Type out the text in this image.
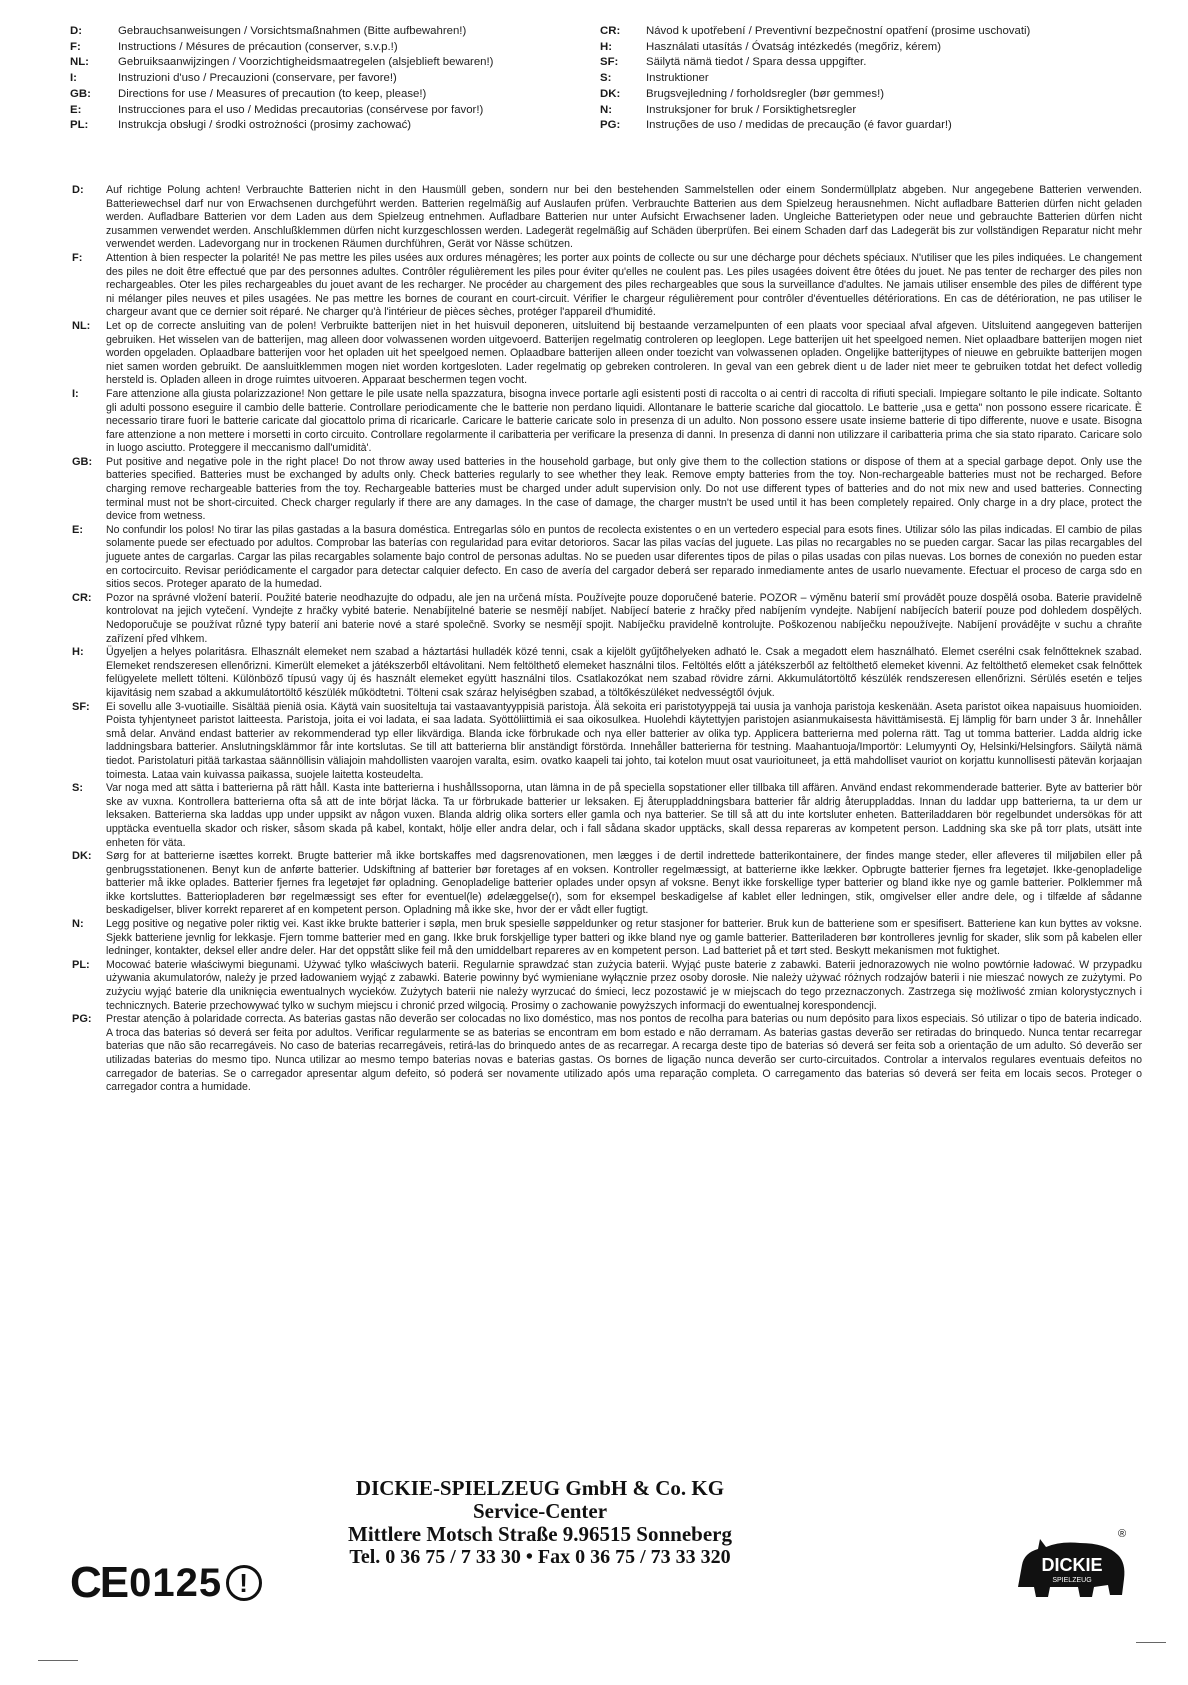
D:	Gebrauchsanweisungen / Vorsichtsmaßnahmen (Bitte aufbewahren!)
F:	Instructions / Mésures de précaution (conserver, s.v.p.!)
NL:	Gebruiksaanwijzingen / Voorzichtigheidsmaatregelen (alsjeblieft bewaren!)
I:	Instruzioni d'uso / Precauzioni (conservare, per favore!)
GB:	Directions for use / Measures of precaution (to keep, please!)
E:	Instrucciones para el uso / Medidas precautorias (consérvese por favor!)
PL:	Instrukcja obsługi / środki ostrożności (prosimy zachować)
CR:	Návod k upotřebení / Preventivní bezpečnostní opatření (prosime uschovati)
H:	Használati utasítás / Óvatság intézkedés (megőriz, kérem)
SF:	Säilytä nämä tiedot / Spara dessa uppgifter.
S:	Instruktioner
DK:	Brugsvejledning / forholdsregler (bør gemmes!)
N:	Instruksjoner for bruk / Forsiktighetsregler
PG:	Instruções de uso / medidas de precaução (é favor guardar!)
D:	Auf richtige Polung achten! Verbrauchte Batterien nicht in den Hausmüll geben, sondern nur bei den bestehenden Sammelstellen oder einem Sondermüllplatz abgeben. Nur angegebene Batterien verwenden. Batteriewechsel darf nur von Erwachsenen durchgeführt werden. Batterien regelmäßig auf Auslaufen prüfen. Verbrauchte Batterien aus dem Spielzeug herausnehmen. Nicht aufladbare Batterien dürfen nicht geladen werden. Aufladbare Batterien vor dem Laden aus dem Spielzeug entnehmen. Aufladbare Batterien nur unter Aufsicht Erwachsener laden. Ungleiche Batterietypen oder neue und gebrauchte Batterien dürfen nicht zusammen verwendet werden. Anschlußklemmen dürfen nicht kurzgeschlossen werden. Ladegerät regelmäßig auf Schäden überprüfen. Bei einem Schaden darf das Ladegerät bis zur vollständigen Reparatur nicht mehr verwendet werden. Ladevorgang nur in trockenen Räumen durchführen, Gerät vor Nässe schützen.
F:	Attention à bien respecter la polarité! Ne pas mettre les piles usées aux ordures ménagères; les porter aux points de collecte ou sur une décharge pour déchets spéciaux. N'utiliser que les piles indiquées. Le changement des piles ne doit être effectué que par des personnes adultes. Contrôler régulièrement les piles pour éviter qu'elles ne coulent pas. Les piles usagées doivent être ôtées du jouet. Ne pas tenter de recharger des piles non rechargeables. Oter les piles rechargeables du jouet avant de les recharger. Ne procéder au chargement des piles rechargeables que sous la surveillance d'adultes. Ne jamais utiliser ensemble des piles de différent type ni mélanger piles neuves et piles usagées. Ne pas mettre les bornes de courant en court-circuit. Vérifier le chargeur régulièrement pour contrôler d'éventuelles détériorations. En cas de détérioration, ne pas utiliser le chargeur avant que ce dernier soit réparé. Ne charger qu'à l'intérieur de pièces sèches, protéger l'appareil d'humidité.
NL:	Let op de correcte ansluiting van de polen! Verbruikte batterijen niet in het huisvuil deponeren, uitsluitend bij bestaande verzamelpunten of een plaats voor speciaal afval afgeven. Uitsluitend aangegeven batterijen gebruiken. Het wisselen van de batterijen, mag alleen door volwassenen worden uitgevoerd. Batterijen regelmatig controleren op leeglopen. Lege batterijen uit het speelgoed nemen. Niet oplaadbare batterijen mogen niet worden opgeladen. Oplaadbare batterijen voor het opladen uit het speelgoed nemen. Oplaadbare batterijen alleen onder toezicht van volwassenen opladen. Ongelijke batterijtypes of nieuwe en gebruikte batterijen mogen niet samen worden gebruikt. De aansluitklemmen mogen niet worden kortgesloten. Lader regelmatig op gebreken controleren. In geval van een gebrek dient u de lader niet meer te gebruiken totdat het defect volledig hersteld is. Opladen alleen in droge ruimtes uitvoeren. Apparaat beschermen tegen vocht.
I:	Fare attenzione alla giusta polarizzazione! Non gettare le pile usate nella spazzatura, bisogna invece portarle agli esistenti posti di raccolta o ai centri di raccolta di rifiuti speciali. Impiegare soltanto le pile indicate. Soltanto gli adulti possono eseguire il cambio delle batterie. Controllare periodicamente che le batterie non perdano liquidi. Allontanare le batterie scariche dal giocattolo. Le batterie „usa e getta" non possono essere ricaricate. È necessario tirare fuori le batterie caricate dal giocattolo prima di ricaricarle. Caricare le batterie caricate solo in presenza di un adulto. Non possono essere usate insieme batterie di tipo differente, nuove e usate. Bisogna fare attenzione a non mettere i morsetti in corto circuito. Controllare regolarmente il caribatteria per verificare la presenza di danni. In presenza di danni non utilizzare il caribatteria prima che sia stato riparato. Caricare solo in luogo asciutto. Proteggere il meccanismo dall'umidità'.
GB:	Put positive and negative pole in the right place! Do not throw away used batteries in the household garbage, but only give them to the collection stations or dispose of them at a special garbage depot. Only use the batteries specified. Batteries must be exchanged by adults only. Check batteries regularly to see whether they leak. Remove empty batteries from the toy. Non-rechargeable batteries must not be recharged. Before charging remove rechargeable batteries from the toy. Rechargeable batteries must be charged under adult supervision only. Do not use different types of batteries and do not mix new and used batteries. Connecting terminal must not be short-circuited. Check charger regularly if there are any damages. In the case of damage, the charger mustn't be used until it has been completely repaired. Only charge in a dry place, protect the device from wetness.
E:	No confundir los polos! No tirar las pilas gastadas a la basura doméstica. Entregarlas sólo en puntos de recolecta existentes o en un vertedero especial para esots fines. Utilizar sólo las pilas indicadas. El cambio de pilas solamente puede ser efectuado por adultos. Comprobar las baterías con regularidad para evitar detorioros. Sacar las pilas vacías del juguete. Las pilas no recargables no se pueden cargar. Sacar las pilas recargables del juguete antes de cargarlas. Cargar las pilas recargables solamente bajo control de personas adultas. No se pueden usar diferentes tipos de pilas o pilas usadas con pilas nuevas. Los bornes de conexión no pueden estar en cortocircuito. Revisar periódicamente el cargador para detectar calquier defecto. En caso de avería del cargador deberá ser reparado inmediamente antes de usarlo nuevamente. Efectuar el proceso de carga sdo en sitios secos. Proteger aparato de la humedad.
CR:	Pozor na správné vložení baterií. Použité baterie neodhazujte do odpadu, ale jen na určená místa. Používejte pouze doporučené baterie. POZOR – výměnu baterií smí provádět pouze dospělá osoba. Baterie pravidelně kontrolovat na jejich vytečení. Vyndejte z hračky vybité baterie. Nenabíjitelné baterie se nesmějí nabíjet. Nabíjecí baterie z hračky před nabíjením vyndejte. Nabíjení nabíjecích baterií pouze pod dohledem dospělých. Nedoporučuje se používat různé typy baterií ani baterie nové a staré společně. Svorky se nesmějí spojit. Nabíječku pravidelně kontrolujte. Poškozenou nabíječku nepoužívejte. Nabíjení provádějte v suchu a chraňte zařízení před vlhkem.
H:	Ügyeljen a helyes polaritásra. Elhasznált elemeket nem szabad a háztartási hulladék közé tenni, csak a kijelölt gyűjtőhelyeken adható le. Csak a megadott elem használható. Elemet cserélni csak felnőtteknek szabad. Elemeket rendszeresen ellenőrizni. Kimerült elemeket a játékszerből eltávolitani. Nem feltölthető elemeket használni tilos. Feltöltés előtt a játékszerből az feltölthető elemeket kivenni. Az feltölthető elemeket csak felnőttek felügyelete mellett tölteni. Különböző típusú vagy új és használt elemeket együtt használni tilos. Csatlakozókat nem szabad rövidre zárni. Akkumulátortöltő készülék rendszeresen ellenőrizni. Sérülés esetén e teljes kijavitásig nem szabad a akkumulátortöltő készülék működtetni. Tölteni csak száraz helyiségben szabad, a töltőkészüléket nedvességtől óvjuk.
SF:	Ei sovellu alle 3-vuotiaille. Sisältää pieniä osia. Käytä vain suositeltuja tai vastaavantyyppisiä paristoja. Älä sekoita eri paristotyyppejä tai uusia ja vanhoja paristoja keskenään. Aseta paristot oikea napaisuus huomioiden. Poista tyhjentyneet paristot laitteesta. Paristoja, joita ei voi ladata, ei saa ladata. Syöttöliittimiä ei saa oikosulkea. Huolehdi käytettyjen paristojen asianmukaisesta hävittämisestä. Ej lämplig för barn under 3 år. Innehåller små delar. Använd endast batterier av rekommenderad typ eller likvärdiga. Blanda icke förbrukade och nya eller batterier av olika typ. Applicera batterierna med polerna rätt. Tag ut tomma batterier. Ladda aldrig icke laddningsbara batterier. Anslutningsklämmor får inte kortslutas. Se till att batterierna blir anständigt förstörda. Innehåller batterierna för testning. Maahantuoja/Importör: Lelumyynti Oy, Helsinki/Helsingfors. Säilytä nämä tiedot. Paristolaturi pitää tarkastaa säännöllisin väliajoin mahdollisten vaarojen varalta, esim. ovatko kaapeli tai johto, tai kotelon muut osat vaurioituneet, ja että mahdolliset vauriot on korjattu kunnollisesti pätevän korjaajan toimesta. Lataa vain kuivassa paikassa, suojele laitetta kosteudelta.
S:	Var noga med att sätta i batterierna på rätt håll. Kasta inte batterierna i hushållssoporna, utan lämna in de på speciella sopstationer eller tillbaka till affären. Använd endast rekommenderade batterier. Byte av batterier bör ske av vuxna. Kontrollera batterierna ofta så att de inte börjat läcka. Ta ur förbrukade batterier ur leksaken. Ej återuppladdningsbara batterier får aldrig återuppladdas. Innan du laddar upp batterierna, ta ur dem ur leksaken. Batterierna ska laddas upp under uppsikt av någon vuxen. Blanda aldrig olika sorters eller gamla och nya batterier. Se till så att du inte kortsluter enheten. Batteriladdaren bör regelbundet undersökas för att upptäcka eventuella skador och risker, såsom skada på kabel, kontakt, hölje eller andra delar, och i fall sådana skador upptäcks, skall dessa repareras av kompetent person. Laddning ska ske på torr plats, utsätt inte enheten för väta.
DK:	Sørg for at batterierne isættes korrekt. Brugte batterier må ikke bortskaffes med dagsrenovationen, men lægges i de dertil indrettede batterikontainere, der findes mange steder, eller afleveres til miljøbilen eller på genbrugsstationenen. Benyt kun de anførte batterier. Udskiftning af batterier bør foretages af en voksen. Kontroller regelmæssigt, at batterierne ikke lækker. Opbrugte batterier fjernes fra legetøjet. Ikke-genopladelige batterier må ikke oplades. Batterier fjernes fra legetøjet før opladning. Genopladelige batterier oplades under opsyn af voksne. Benyt ikke forskellige typer batterier og bland ikke nye og gamle batterier. Polklemmer må ikke kortsluttes. Batteriopladeren bør regelmæssigt ses efter for eventuel(le) ødelæggelse(r), som for eksempel beskadigelse af kablet eller ledningen, stik, omgivelser eller andre dele, og i tilfælde af sådanne beskadigelser, bliver korrekt repareret af en kompetent person. Opladning må ikke ske, hvor der er vådt eller fugtigt.
N:	Legg positive og negative poler riktig vei. Kast ikke brukte batterier i søpla, men bruk spesielle søppeldunker og retur stasjoner for batterier. Bruk kun de batteriene som er spesifisert. Batteriene kan kun byttes av voksne. Sjekk batteriene jevnlig for lekkasje. Fjern tomme batterier med en gang. Ikke bruk forskjellige typer batteri og ikke bland nye og gamle batterier. Batteriladeren bør kontrolleres jevnlig for skader, slik som på kabelen eller ledninger, kontakter, deksel eller andre deler. Har det oppstått slike feil må den umiddelbart repareres av en kompetent person. Lad batteriet på et tørt sted. Beskytt mekanismen mot fuktighet.
PL:	Mocować baterie właściwymi biegunami. Używać tylko właściwych baterii. Regularnie sprawdzać stan zużycia baterii. Wyjąć puste baterie z zabawki. Baterii jednorazowych nie wolno powtórnie ładować. W przypadku używania akumulatorów, należy je przed ładowaniem wyjąć z zabawki. Baterie powinny być wymieniane wyłącznie przez osoby dorosłe. Nie należy używać różnych rodzajów baterii i nie mieszać nowych ze zużytymi. Po zużyciu wyjąć baterie dla uniknięcia ewentualnych wycieków. Zużytych baterii nie należy wyrzucać do śmieci, lecz pozostawić je w miejscach do tego przeznaczonych. Zastrzega się możliwość zmian kolorystycznych i technicznych. Baterie przechowywać tylko w suchym miejscu i chronić przed wilgocią. Prosimy o zachowanie powyższych informacji do ewentualnej korespondencji.
PG:	Prestar atenção à polaridade correcta. As baterias gastas não deverão ser colocadas no lixo doméstico, mas nos pontos de recolha para baterias ou num depósito para lixos especiais. Só utilizar o tipo de bateria indicado. A troca das baterias só deverá ser feita por adultos. Verificar regularmente se as baterias se encontram em bom estado e não derramam. As baterias gastas deverão ser retiradas do brinquedo. Nunca tentar recarregar baterias que não são recarregáveis. No caso de baterias recarregáveis, retirá-las do brinquedo antes de as recarregar. A recarga deste tipo de baterias só deverá ser feita sob a orientação de um adulto. Só deverão ser utilizadas baterias do mesmo tipo. Nunca utilizar ao mesmo tempo baterias novas e baterias gastas. Os bornes de ligação nunca deverão ser curto-circuitados. Controlar a intervalos regulares eventuais defeitos no carregador de baterias. Se o carregador apresentar algum defeito, só poderá ser novamente utilizado após uma reparação completa. O carregamento das baterias só deverá ser feita em locais secos. Proteger o carregador contra a humidade.
DICKIE-SPIELZEUG GmbH & Co. KG
Service-Center
Mittlere Motsch Straße 9.96515 Sonneberg
Tel. 0 36 75 / 7 33 30 • Fax 0 36 75 / 73 33 320
CE 0125 !
DICKIE
SPIELZEUG
®
